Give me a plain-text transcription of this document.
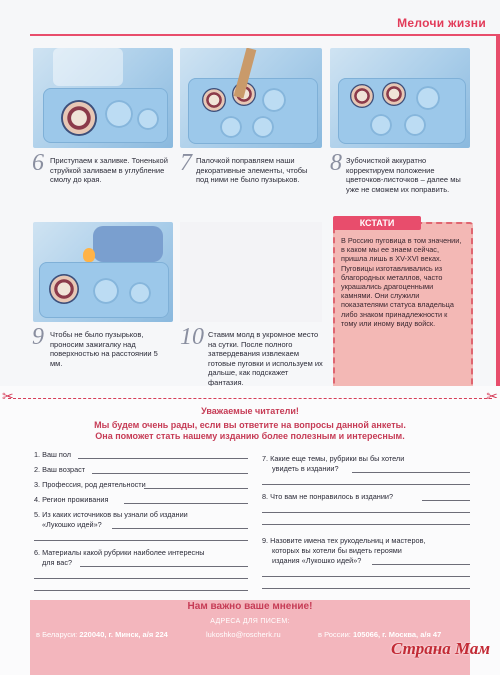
Мелочи жизни
6 Приступаем к заливке. Тоненькой струйкой заливаем в углубление смолу до края.
7 Палочкой поправляем наши декоративные элементы, чтобы под ними не было пузырьков.
8 Зубочисткой аккуратно корректируем положение цветочков-листочков – далее мы уже не сможем их поправить.
9 Чтобы не было пузырьков, проносим зажигалку над поверхностью на расстоянии 5 мм.
10 Ставим молд в укромное место на сутки. После полного затвердевания извлекаем готовые пуговки и используем их дальше, как подскажет фантазия.
КСТАТИ
В Россию пуговица в том значении, в каком мы ее знаем сейчас, пришла лишь в XV-XVI веках. Пуговицы изготавливались из благородных металлов, часто украшались драгоценными камнями. Они служили показателями статуса владельца либо знаком принадлежности к тому или иному виду войск.
✂	✂
Уважаемые читатели!
Мы будем очень рады, если вы ответите на вопросы данной анкеты.
Она поможет стать нашему изданию более полезным и интересным.
1. Ваш пол
2. Ваш возраст
3. Профессия, род деятельности
4. Регион проживания
5. Из каких источников вы узнали об издании
«Лукошко идей»?
6. Материалы какой рубрики наиболее интересны
для вас?
7. Какие еще темы, рубрики вы бы хотели
увидеть в издании?
8. Что вам не понравилось в издании?
9. Назовите имена тех рукодельниц и мастеров,
которых вы хотели бы видеть героями
издания «Лукошко идей»?
Нам важно ваше мнение!
АДРЕСА ДЛЯ ПИСЕМ:
в Беларуси: 220040, г. Минск, а/я 224	lukoshko@roscherk.ru	в России: 105066, г. Москва, а/я 47
Страна Мам
